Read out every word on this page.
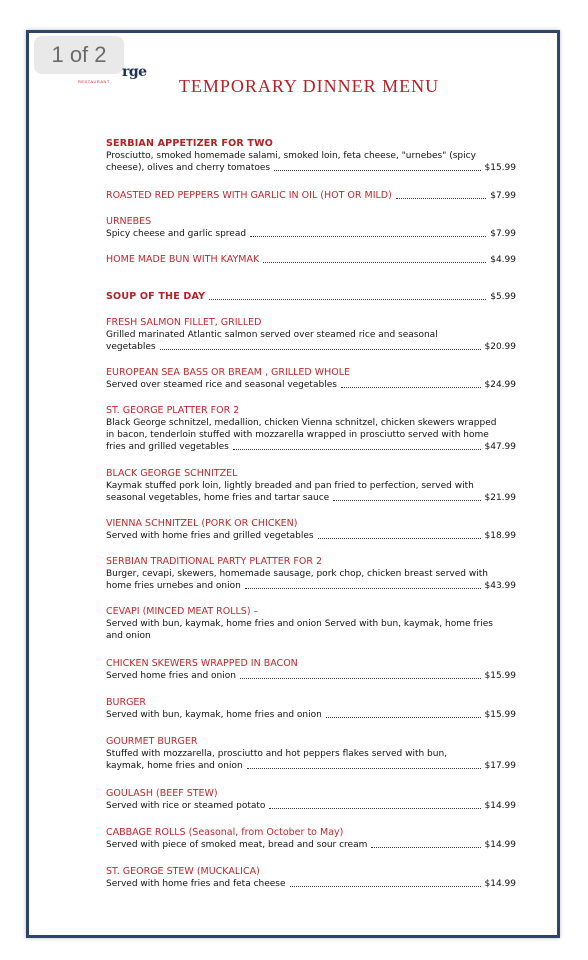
1 of 2
RESTAURANT
rge
TEMPORARY DINNER MENU
SERBIAN APPETIZER FOR TWO
Prosciutto, smoked homemade salami, smoked loin, feta cheese, "urnebes" (spicy
cheese), olives and cherry tomatoes	$15.99
ROASTED RED PEPPERS WITH GARLIC IN OIL (HOT OR MILD)	$7.99
URNEBES
Spicy cheese and garlic spread	$7.99
HOME MADE BUN WITH KAYMAK	$4.99
SOUP OF THE DAY	$5.99
FRESH SALMON FILLET, GRILLED
Grilled marinated Atlantic salmon served over steamed rice and seasonal
vegetables	$20.99
EUROPEAN SEA BASS OR BREAM , GRILLED WHOLE
Served over steamed rice and seasonal vegetables	$24.99
ST. GEORGE PLATTER FOR 2
Black George schnitzel, medallion, chicken Vienna schnitzel, chicken skewers wrapped
in bacon, tenderloin stuffed with mozzarella wrapped in prosciutto served with home
fries and grilled vegetables	$47.99
BLACK GEORGE SCHNITZEL
Kaymak stuffed pork loin, lightly breaded and pan fried to perfection, served with
seasonal vegetables, home fries and tartar sauce	$21.99
VIENNA SCHNITZEL (PORK OR CHICKEN)
Served with home fries and grilled vegetables	$18.99
SERBIAN TRADITIONAL PARTY PLATTER FOR 2
Burger, cevapi, skewers, homemade sausage, pork chop, chicken breast served with
home fries urnebes and onion	$43.99
CEVAPI (MINCED MEAT ROLLS) –
Served with bun, kaymak, home fries and onion Served with bun, kaymak, home fries
and onion
CHICKEN SKEWERS WRAPPED IN BACON
Served home fries and onion	$15.99
BURGER
Served with bun, kaymak, home fries and onion	$15.99
GOURMET BURGER
Stuffed with mozzarella, prosciutto and hot peppers flakes served with bun,
kaymak, home fries and onion	$17.99
GOULASH (BEEF STEW)
Served with rice or steamed potato	$14.99
CABBAGE ROLLS (Seasonal, from October to May)
Served with piece of smoked meat, bread and sour cream	$14.99
ST. GEORGE STEW (MUCKALICA)
Served with home fries and feta cheese	$14.99
